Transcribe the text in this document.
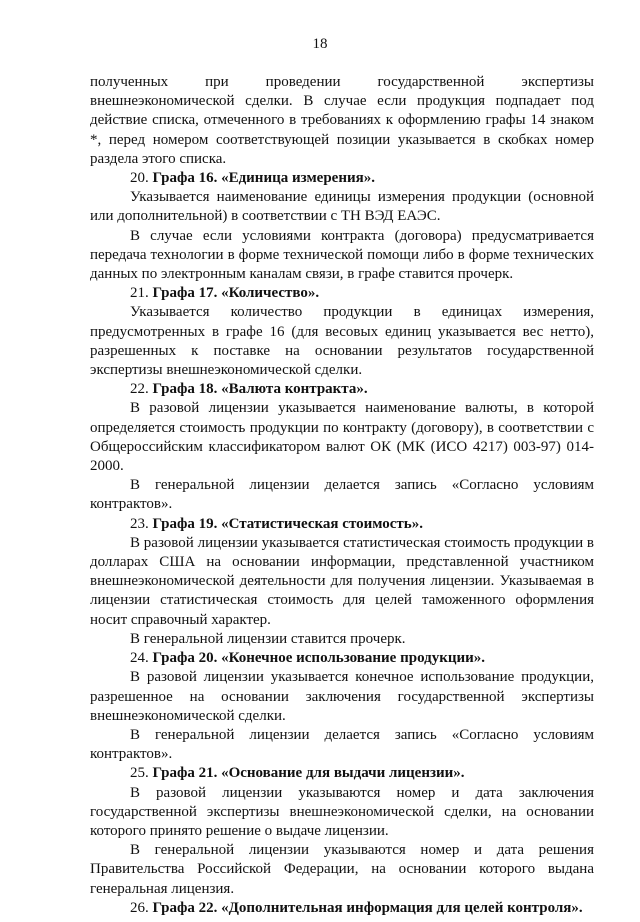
18

полученных при проведении государственной экспертизы внешнеэкономической сделки. В случае если продукция подпадает под действие списка, отмеченного в требованиях к оформлению графы 14 знаком *, перед номером соответствующей позиции указывается в скобках номер раздела этого списка.

20. Графа 16. «Единица измерения».

Указывается наименование единицы измерения продукции (основной или дополнительной) в соответствии с ТН ВЭД ЕАЭС.

В случае если условиями контракта (договора) предусматривается передача технологии в форме технической помощи либо в форме технических данных по электронным каналам связи, в графе ставится прочерк.

21. Графа 17. «Количество».

Указывается количество продукции в единицах измерения, предусмотренных в графе 16 (для весовых единиц указывается вес нетто), разрешенных к поставке на основании результатов государственной экспертизы внешнеэкономической сделки.

22. Графа 18. «Валюта контракта».

В разовой лицензии указывается наименование валюты, в которой определяется стоимость продукции по контракту (договору), в соответствии с Общероссийским классификатором валют ОК (МК (ИСО 4217) 003-97) 014-2000.

В генеральной лицензии делается запись «Согласно условиям контрактов».

23. Графа 19. «Статистическая стоимость».

В разовой лицензии указывается статистическая стоимость продукции в долларах США на основании информации, представленной участником внешнеэкономической деятельности для получения лицензии. Указываемая в лицензии статистическая стоимость для целей таможенного оформления носит справочный характер.

В генеральной лицензии ставится прочерк.

24. Графа 20. «Конечное использование продукции».

В разовой лицензии указывается конечное использование продукции, разрешенное на основании заключения государственной экспертизы внешнеэкономической сделки.

В генеральной лицензии делается запись «Согласно условиям контрактов».

25. Графа 21. «Основание для выдачи лицензии».

В разовой лицензии указываются номер и дата заключения государственной экспертизы внешнеэкономической сделки, на основании которого принято решение о выдаче лицензии.

В генеральной лицензии указываются номер и дата решения Правительства Российской Федерации, на основании которого выдана генеральная лицензия.

26. Графа 22. «Дополнительная информация для целей контроля».
